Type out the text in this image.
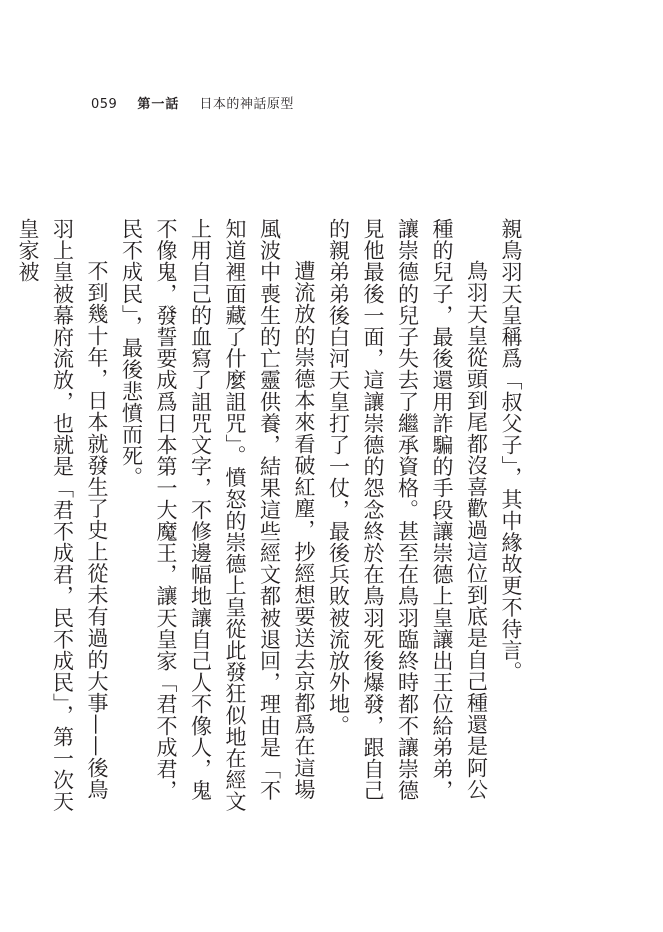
059 第一話 日本的神話原型

親鳥羽天皇稱爲「叔父子」，其中緣故更不待言。

鳥羽天皇從頭到尾都沒喜歡過這位到底是自己種還是阿公種的兒子，最後還用詐騙的手段讓崇德上皇讓出王位給弟弟，讓崇德的兒子失去了繼承資格。甚至在鳥羽臨終時都不讓崇德見他最後一面，這讓崇德的怨念終於在鳥羽死後爆發，跟自己的親弟弟後白河天皇打了一仗，最後兵敗被流放外地。

遭流放的崇德本來看破紅塵，抄經想要送去京都爲在這場風波中喪生的亡靈供養，結果這些經文都被退回，理由是「不知道裡面藏了什麼詛咒」。憤怒的崇德上皇從此發狂似地在經文上用自己的血寫了詛咒文字，不修邊幅地讓自己人不像人，鬼不像鬼，發誓要成爲日本第一大魔王，讓天皇家「君不成君，民不成民」，最後悲憤而死。

不到幾十年，日本就發生了史上從未有過的大事——後鳥羽上皇被幕府流放，也就是「君不成君，民不成民」，第一次天皇家被
